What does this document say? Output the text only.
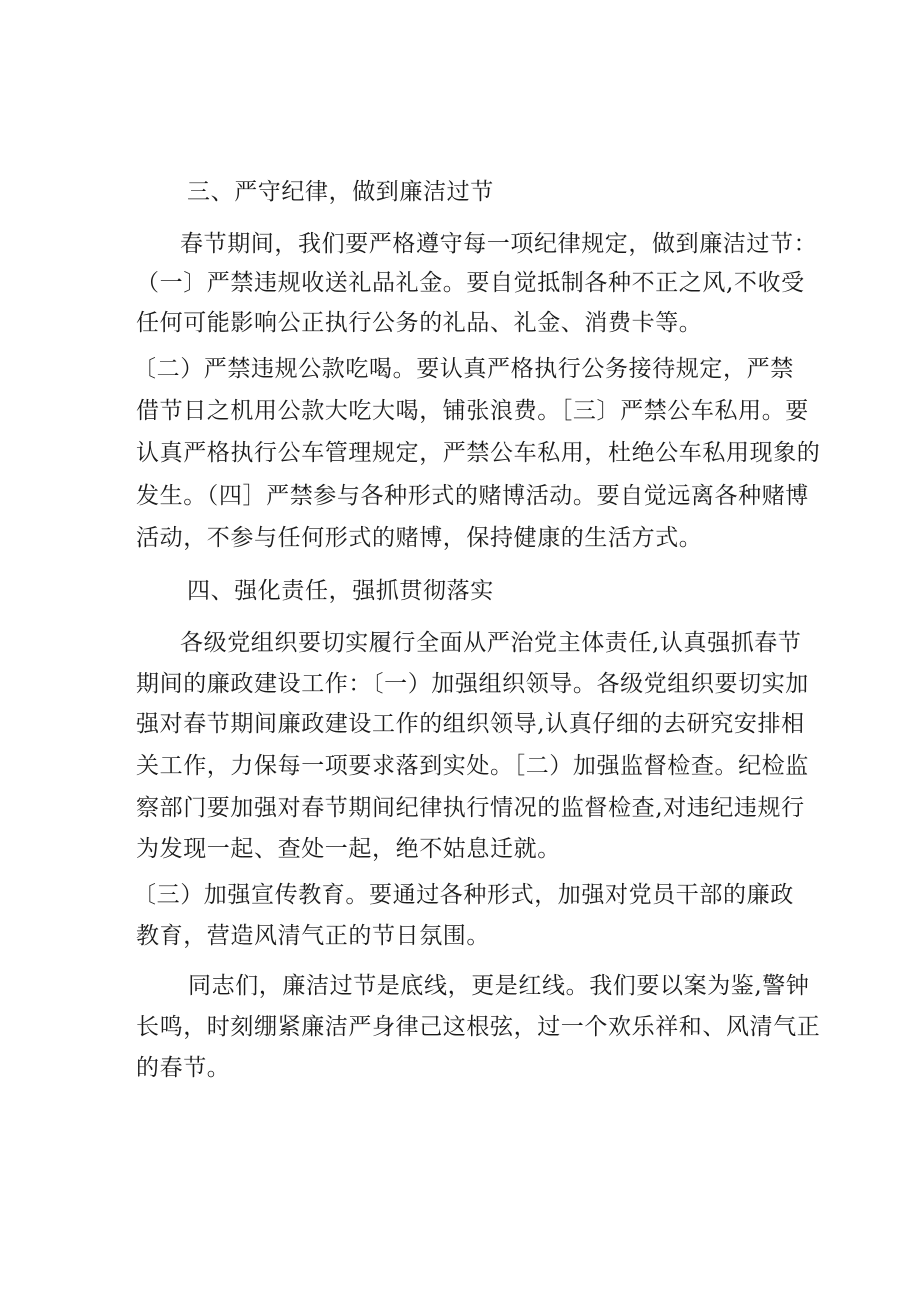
三、严守纪律，做到廉洁过节
春节期间，我们要严格遵守每一项纪律规定，做到廉洁过节：
（一〕严禁违规收送礼品礼金。要自觉抵制各种不正之风,不收受
任何可能影响公正执行公务的礼品、礼金、消费卡等。
〔二）严禁违规公款吃喝。要认真严格执行公务接待规定，严禁
借节日之机用公款大吃大喝，铺张浪费。［三〕严禁公车私用。要
认真严格执行公车管理规定，严禁公车私用，杜绝公车私用现象的
发生。（四］严禁参与各种形式的赌博活动。要自觉远离各种赌博
活动，不参与任何形式的赌博，保持健康的生活方式。
四、强化责任，强抓贯彻落实
各级党组织要切实履行全面从严治党主体责任,认真强抓春节
期间的廉政建设工作：〔一）加强组织领导。各级党组织要切实加
强对春节期间廉政建设工作的组织领导,认真仔细的去研究安排相
关工作，力保每一项要求落到实处。［二）加强监督检查。纪检监
察部门要加强对春节期间纪律执行情况的监督检查,对违纪违规行
为发现一起、查处一起，绝不姑息迁就。
〔三）加强宣传教育。要通过各种形式，加强对党员干部的廉政
教育，营造风清气正的节日氛围。
同志们，廉洁过节是底线，更是红线。我们要以案为鉴,警钟
长鸣，时刻绷紧廉洁严身律己这根弦，过一个欢乐祥和、风清气正
的春节。
